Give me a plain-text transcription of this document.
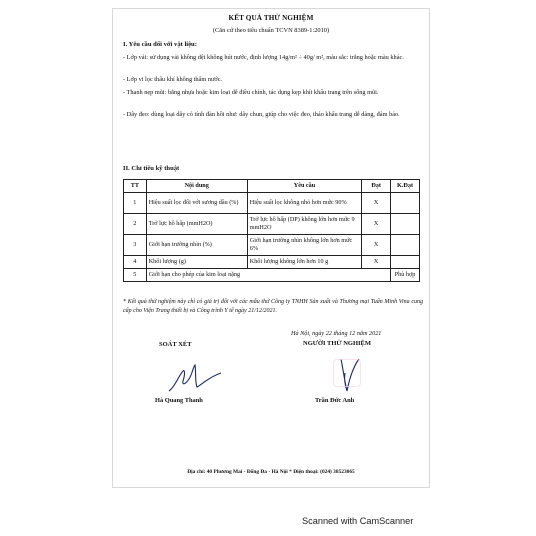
KẾT QUẢ THỬ NGHIỆM
(Căn cứ theo tiêu chuẩn TCVN 8389-1:2010)
I. Yêu cầu đối với vật liệu:
- Lớp vải: sử dụng vải không dệt không hút nước, định lượng 14g/m² ÷ 40g/ m², màu sắc: trắng hoặc màu khác.
- Lớp vi lọc thấu khí không thấm nước.
- Thanh nẹp mũi: bằng nhựa hoặc kim loại dễ điều chỉnh, tác dụng kẹp khít khẩu trang trên sống mũi.
- Dây đeo: dùng loại dây có tính đàn hồi như: dây chun, giúp cho việc đeo, tháo khẩu trang dễ dàng, đảm bảo.
II. Chỉ tiêu kỹ thuật
TT	Nội dung	Yêu cầu	Đạt	K.Đạt
1	Hiệu suất lọc đối với sương dầu (%)	Hiệu suất lọc không nhỏ hơn mức 90%	X	
2	Trở lực hô hấp (mmH2O)	Trở lực hô hấp (DP) không lớn hơn mức 9 mmH2O	X	
3	Giới hạn trường nhìn (%)	Giới hạn trường nhìn không lớn hơn mức 6%	X	
4	Khối lượng (g)	Khối lượng không lớn hơn 10 g	X	
5	Giới hạn cho phép của kim loại nặng			Phù hợp
* Kết quả thử nghiệm này chỉ có giá trị đối với các mẫu thử Công ty TNHH Sản xuất và Thương mại Tuấn Minh Vina cung cấp cho Viện Trang thiết bị và Công trình Y tế ngày 21/12/2021.
Hà Nội, ngày 22 tháng 12 năm 2021
SOÁT XÉT	NGƯỜI THỬ NGHIỆM
Hà Quang Thanh	Trần Đức Anh
Địa chỉ: 40 Phương Mai - Đống Đa - Hà Nội * Điện thoại: (024) 38523065
Scanned with CamScanner
